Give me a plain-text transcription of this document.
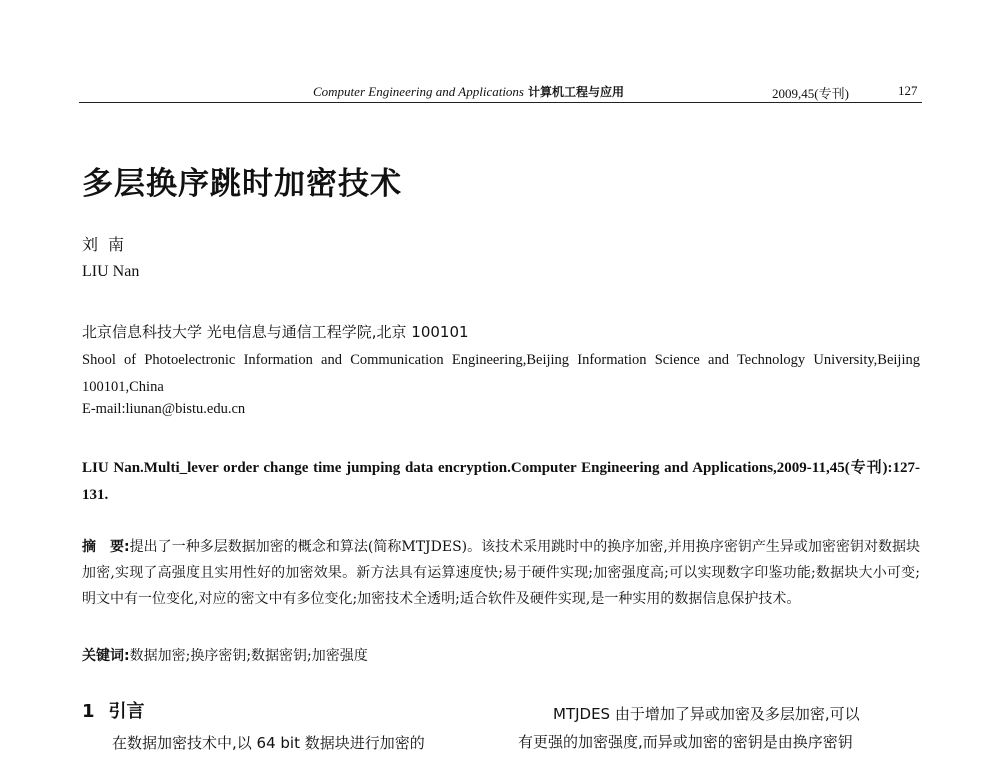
Computer Engineering and Applications 计算机工程与应用	2009,45(专刊)	127
多层换序跳时加密技术
刘南
LIU Nan
北京信息科技大学 光电信息与通信工程学院,北京 100101
Shool of Photoelectronic Information and Communication Engineering,Beijing Information Science and Technology University,Beijing 100101,China
E-mail:liunan@bistu.edu.cn
LIU Nan.Multi_lever order change time jumping data encryption.Computer Engineering and Applications,2009-11,45(专刊):127-131.
摘　要:提出了一种多层数据加密的概念和算法(简称MTJDES)。该技术采用跳时中的换序加密,并用换序密钥产生异或加密密钥对数据块加密,实现了高强度且实用性好的加密效果。新方法具有运算速度快;易于硬件实现;加密强度高;可以实现数字印鉴功能;数据块大小可变;明文中有一位变化,对应的密文中有多位变化;加密技术全透明;适合软件及硬件实现,是一种实用的数据信息保护技术。
关键词:数据加密;换序密钥;数据密钥;加密强度
1 引言
在数据加密技术中,以 64 bit 数据块进行加密的
MTJDES 由于增加了异或加密及多层加密,可以
有更强的加密强度,而异或加密的密钥是由换序密钥
